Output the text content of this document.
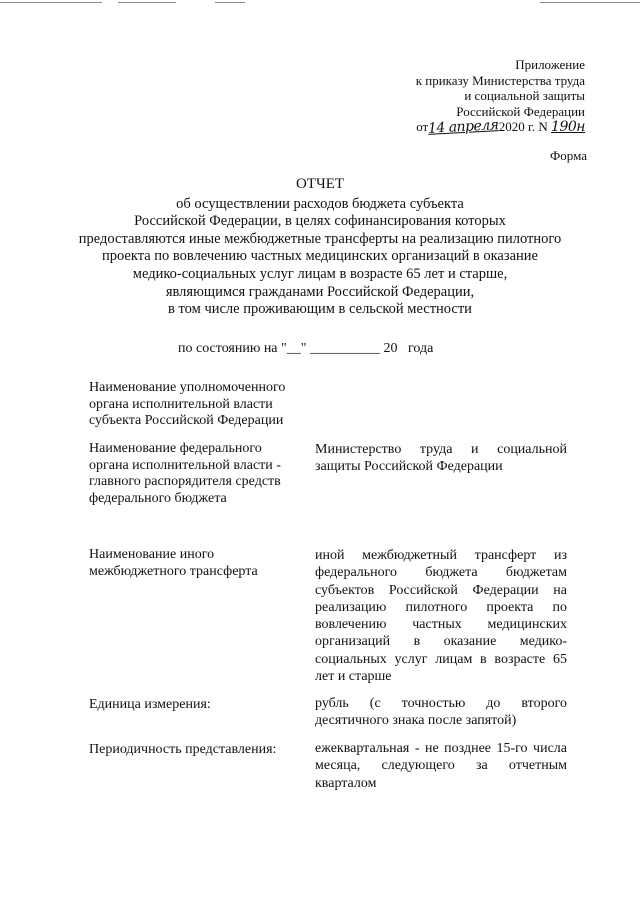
Приложение
к приказу Министерства труда
и социальной защиты
Российской Федерации
от14 апреля2020 г. N 190н
Форма
ОТЧЕТ
об осуществлении расходов бюджета субъекта
Российской Федерации, в целях софинансирования которых
предоставляются иные межбюджетные трансферты на реализацию пилотного
проекта по вовлечению частных медицинских организаций в оказание
медико-социальных услуг лицам в возрасте 65 лет и старше,
являющимся гражданами Российской Федерации,
в том числе проживающим в сельской местности
по состоянию на "__" __________ 20   года
Наименование уполномоченного
органа исполнительной власти
субъекта Российской Федерации
Наименование федерального
органа исполнительной власти -
главного распорядителя средств
федерального бюджета
Министерство труда и социальной защиты Российской Федерации
Наименование иного
межбюджетного трансферта
иной межбюджетный трансферт из федерального бюджета бюджетам субъектов Российской Федерации на реализацию пилотного проекта по вовлечению частных медицинских организаций в оказание медико-социальных услуг лицам в возрасте 65 лет и старше
Единица измерения:	рубль (с точностью до второго десятичного знака после запятой)
Периодичность представления:	ежеквартальная - не позднее 15-го числа месяца, следующего за отчетным кварталом
